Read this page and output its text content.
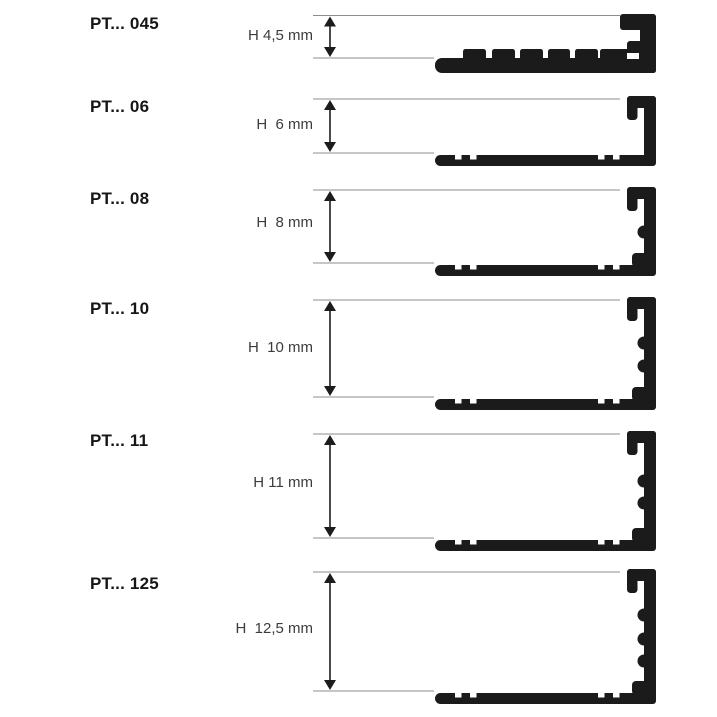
PT... 045
H 4,5 mm
PT... 06
H  6 mm
PT... 08
H  8 mm
PT... 10
H  10 mm
PT... 11
H 11 mm
PT... 125
H  12,5 mm
